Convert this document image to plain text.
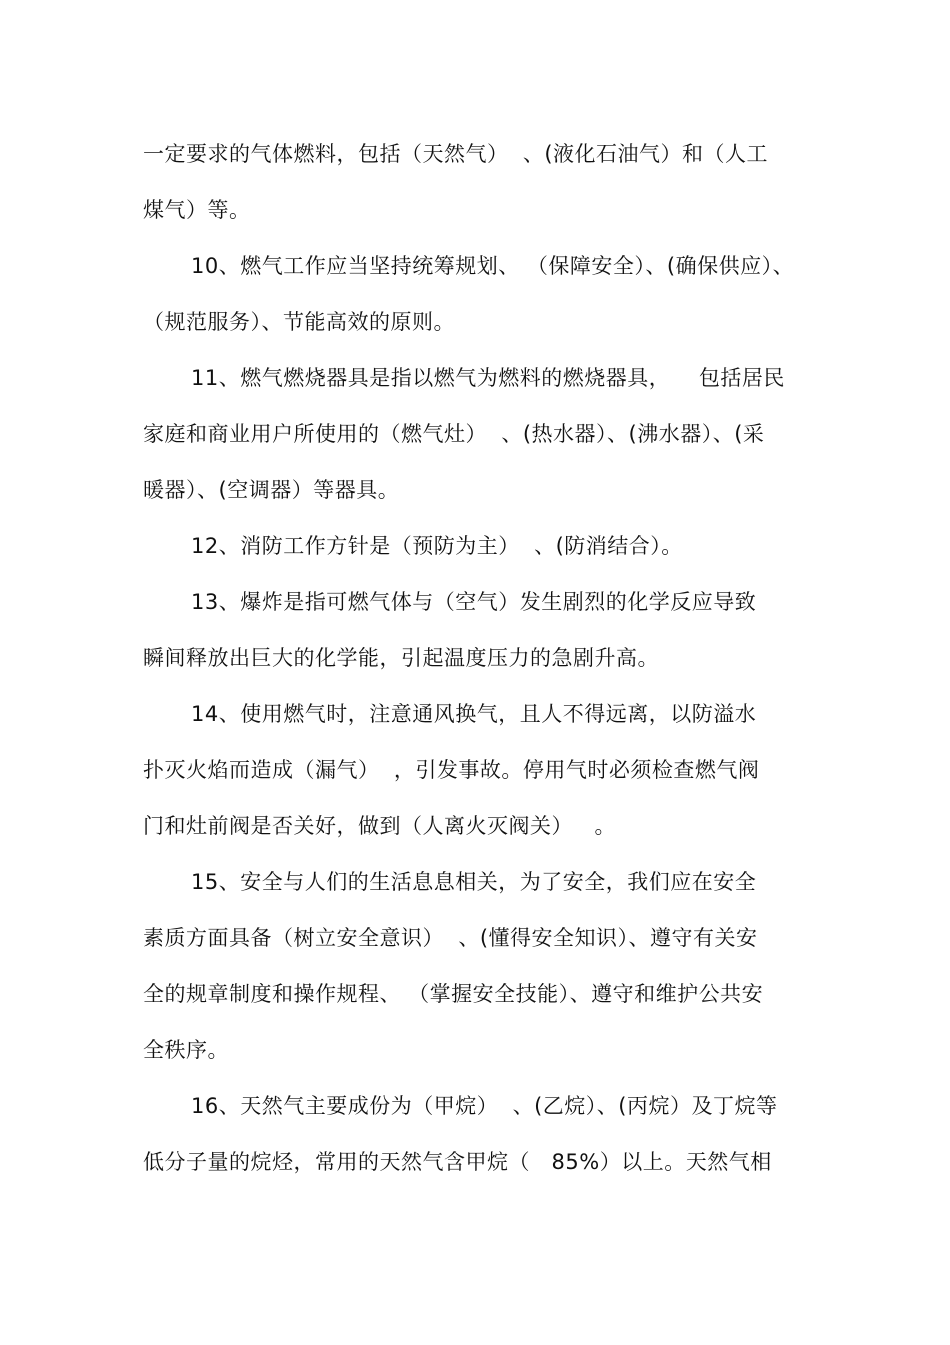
一定要求的气体燃料，包括（天然气）  、(液化石油气）和（人工
煤气）等。
10、燃气工作应当坚持统筹规划、 （保障安全）、(确保供应）、
（规范服务）、节能高效的原则。
11、燃气燃烧器具是指以燃气为燃料的燃烧器具，    包括居民
家庭和商业用户所使用的（燃气灶）  、(热水器）、(沸水器）、(采
暖器）、(空调器）等器具。
12、消防工作方针是（预防为主）  、(防消结合）。
13、爆炸是指可燃气体与（空气）发生剧烈的化学反应导致
瞬间释放出巨大的化学能，引起温度压力的急剧升高。
14、使用燃气时，注意通风换气，且人不得远离，以防溢水
扑灭火焰而造成（漏气）  ，引发事故。停用气时必须检查燃气阀
门和灶前阀是否关好，做到（人离火灭阀关）   。
15、安全与人们的生活息息相关，为了安全，我们应在安全
素质方面具备（树立安全意识）  、(懂得安全知识）、遵守有关安
全的规章制度和操作规程、 （掌握安全技能）、遵守和维护公共安
全秩序。
16、天然气主要成份为（甲烷）  、(乙烷）、(丙烷）及丁烷等
低分子量的烷烃，常用的天然气含甲烷（   85%）以上。天然气相
